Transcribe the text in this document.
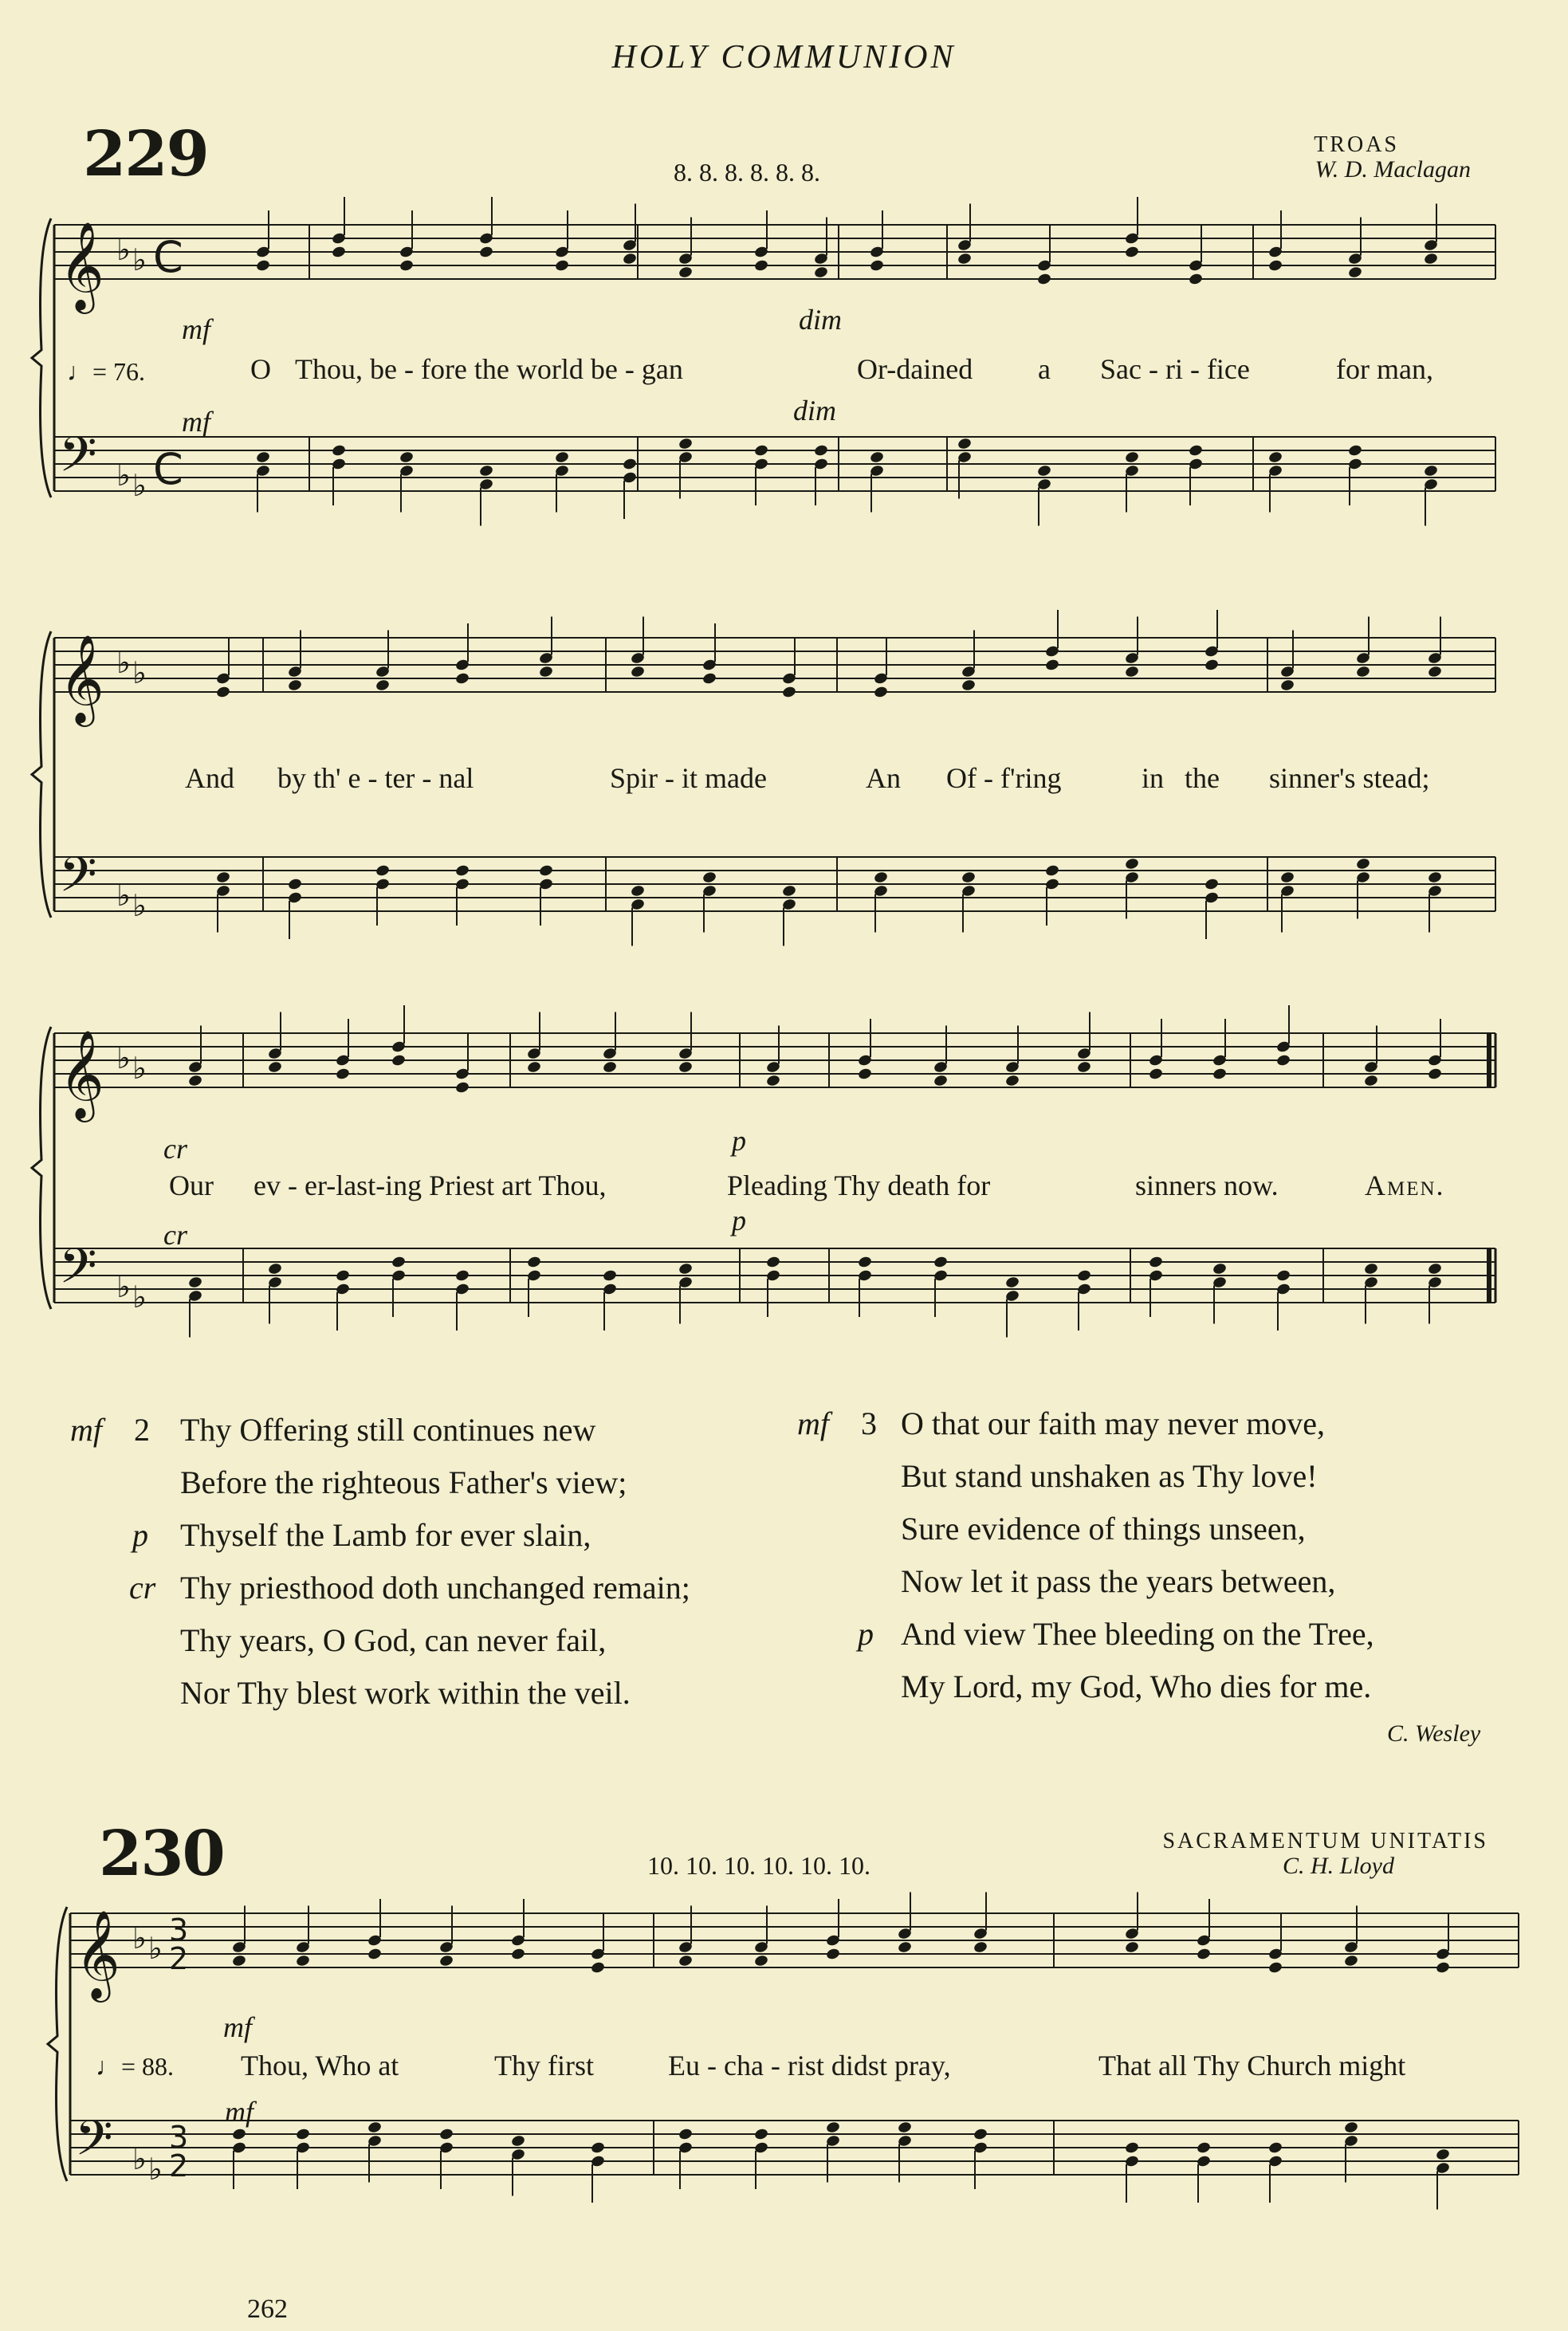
HOLY COMMUNION
229	8. 8. 8. 8. 8. 8.
TROAS
W. D. Maclagan
𝄞
𝄢
♭ ♭
♭ ♭
C
C
𝄞
𝄢
♭ ♭
♭ ♭
𝄞
𝄢
♭ ♭
♭ ♭
𝄞
𝄢
♭ ♭
♭ ♭
3
2
3
2
mf	dim
♩= 76.	O Thou, be - fore the world be - gan	Or-dained a Sac - ri - fice	for man,
mf	dim
And by th' e - ter - nal	Spir - it made	An Of - f'ring	in the sinner's stead;
cr	p
Our ev - er-last-ing Priest art Thou,	Pleading Thy death for	sinners now.	Amen.
cr	p
mf 2 Thy Offering still continues new
Before the righteous Father's view;
p Thyself the Lamb for ever slain,
cr Thy priesthood doth unchanged remain;
Thy years, O God, can never fail,
Nor Thy blest work within the veil.
mf 3 O that our faith may never move,
But stand unshaken as Thy love!
Sure evidence of things unseen,
Now let it pass the years between,
p And view Thee bleeding on the Tree,
My Lord, my God, Who dies for me.
C. Wesley
230	10. 10. 10. 10. 10. 10.
SACRAMENTUM UNITATIS
C. H. Lloyd
mf
♩= 88. Thou, Who at	Thy first	Eu - cha - rist didst pray,	That all Thy Church might
mf
262
